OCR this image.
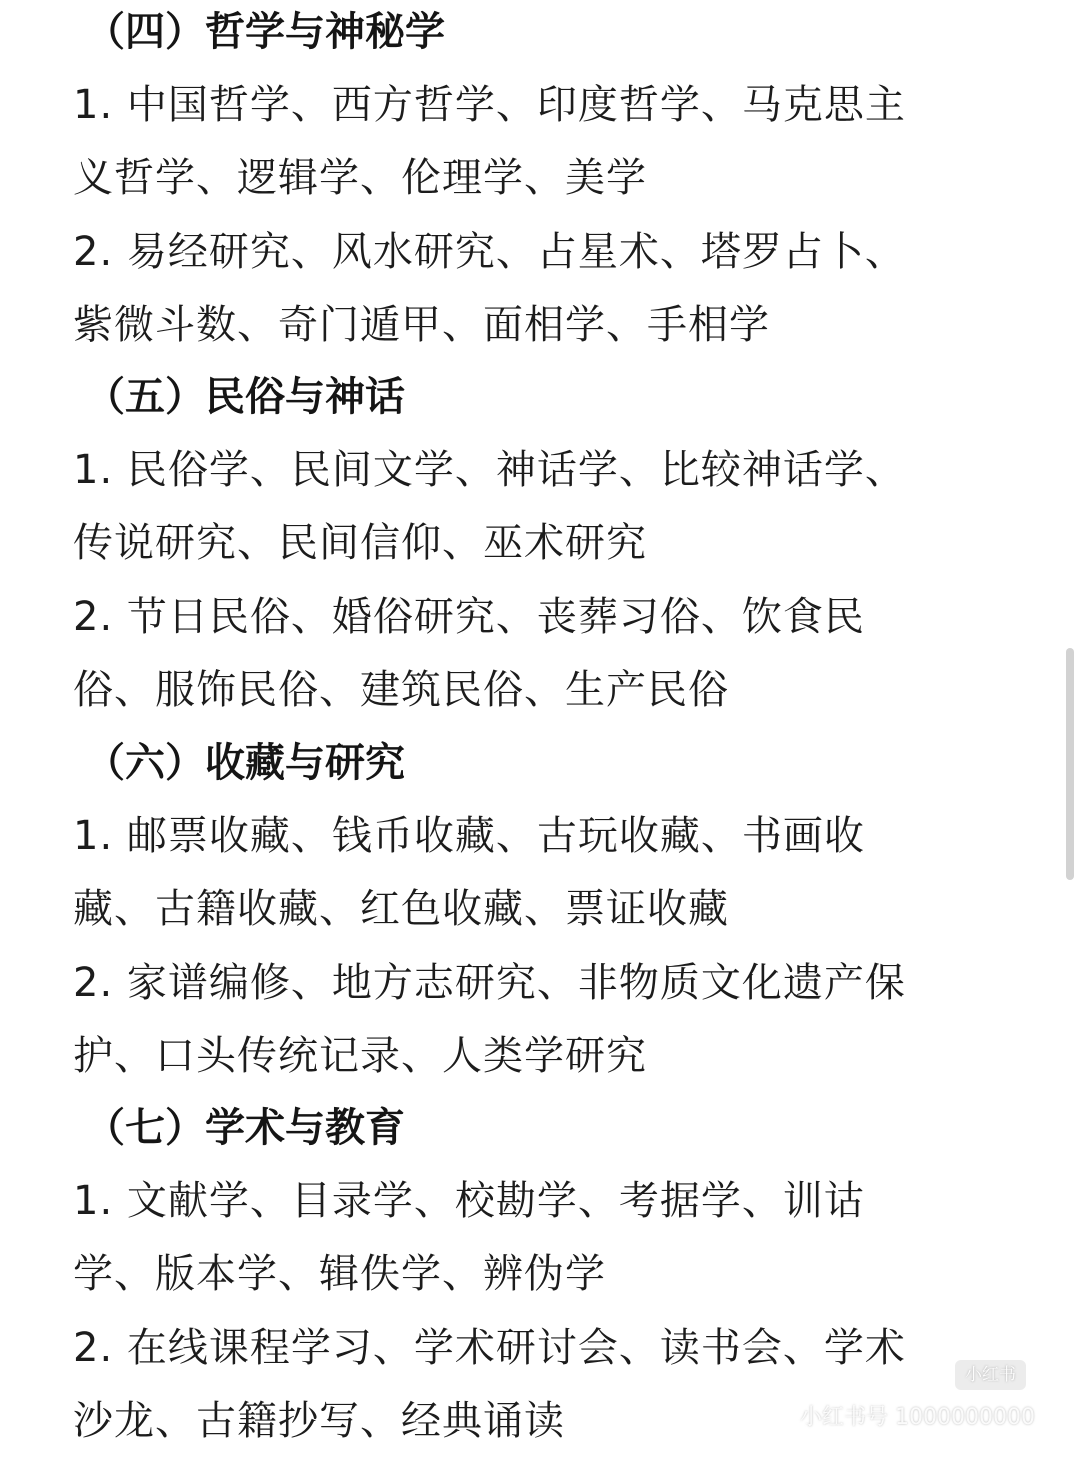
（四）哲学与神秘学
1. 中国哲学、西方哲学、印度哲学、马克思主
义哲学、逻辑学、伦理学、美学
2. 易经研究、风水研究、占星术、塔罗占卜、
紫微斗数、奇门遁甲、面相学、手相学
（五）民俗与神话
1. 民俗学、民间文学、神话学、比较神话学、
传说研究、民间信仰、巫术研究
2. 节日民俗、婚俗研究、丧葬习俗、饮食民
俗、服饰民俗、建筑民俗、生产民俗
（六）收藏与研究
1. 邮票收藏、钱币收藏、古玩收藏、书画收
藏、古籍收藏、红色收藏、票证收藏
2. 家谱编修、地方志研究、非物质文化遗产保
护、口头传统记录、人类学研究
（七）学术与教育
1. 文献学、目录学、校勘学、考据学、训诂
学、版本学、辑佚学、辨伪学
2. 在线课程学习、学术研讨会、读书会、学术
沙龙、古籍抄写、经典诵读
小红书
小红书号 1000000000
